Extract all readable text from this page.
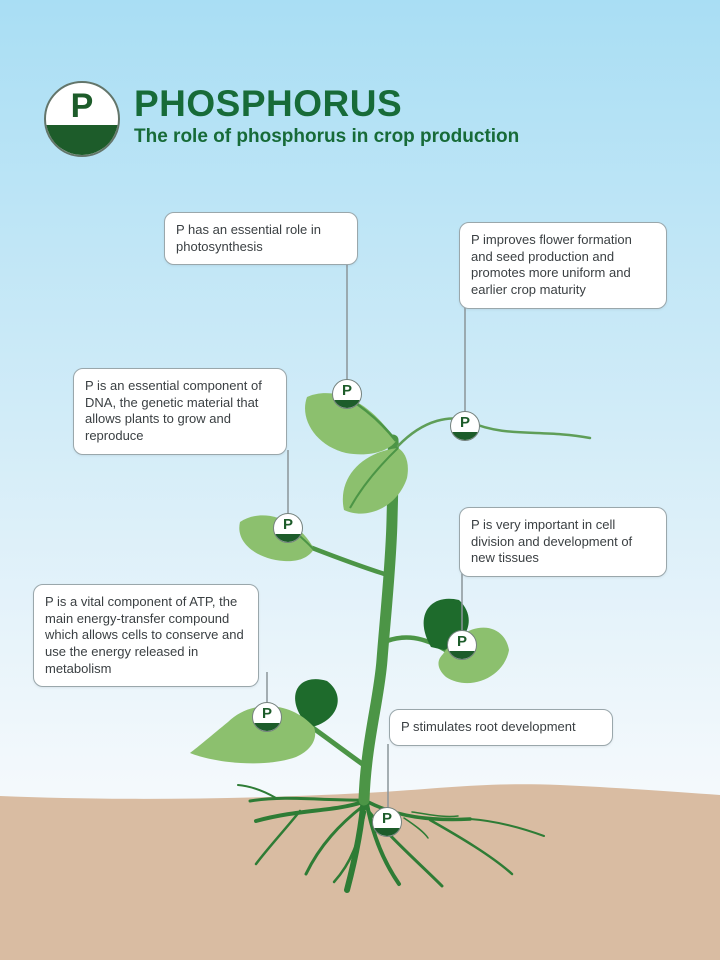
P PHOSPHORUS
The role of phosphorus in crop production
P has an essential role in photosynthesis	P improves flower formation and seed production and promotes more uniform and earlier crop maturity
P is an essential component of DNA, the genetic material that allows plants to grow and reproduce
P is very important in cell division and development of new tissues
P is a vital component of ATP, the main energy-transfer compound which allows cells to conserve and use the energy released in metabolism
P stimulates root development
P
P
P
P
P
P
